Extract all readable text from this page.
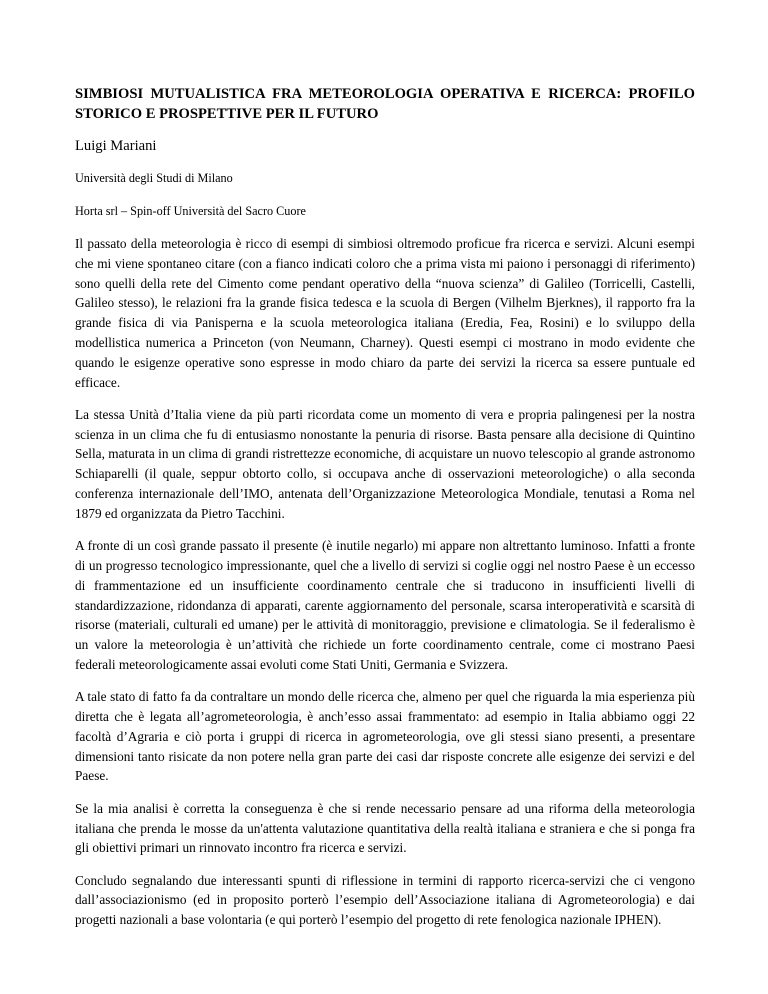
SIMBIOSI MUTUALISTICA FRA METEOROLOGIA OPERATIVA E RICERCA: PROFILO STORICO E PROSPETTIVE PER IL FUTURO

Luigi Mariani

Università degli Studi di Milano

Horta srl – Spin-off Università del Sacro Cuore

Il passato della meteorologia è ricco di esempi di simbiosi oltremodo proficue fra ricerca e servizi. Alcuni esempi che mi viene spontaneo citare (con a fianco indicati coloro che a prima vista mi paiono i personaggi di riferimento) sono quelli della rete del Cimento come pendant operativo della “nuova scienza” di Galileo (Torricelli, Castelli, Galileo stesso), le relazioni fra la grande fisica tedesca e la scuola di Bergen (Vilhelm Bjerknes), il rapporto fra la grande fisica di via Panisperna e la scuola meteorologica italiana (Eredia, Fea, Rosini) e lo sviluppo della modellistica numerica a Princeton (von Neumann, Charney). Questi esempi ci mostrano in modo evidente che quando le esigenze operative sono espresse in modo chiaro da parte dei servizi la ricerca sa essere puntuale ed efficace.

La stessa Unità d’Italia viene da più parti ricordata come un momento di vera e propria palingenesi per la nostra scienza in un clima che fu di entusiasmo nonostante la penuria di risorse. Basta pensare alla decisione di Quintino Sella, maturata in un clima di grandi ristrettezze economiche, di acquistare un nuovo telescopio al grande astronomo Schiaparelli (il quale, seppur obtorto collo, si occupava anche di osservazioni meteorologiche) o alla seconda conferenza internazionale dell’IMO, antenata dell’Organizzazione Meteorologica Mondiale, tenutasi a Roma nel 1879 ed organizzata da Pietro Tacchini.

A fronte di un così grande passato il presente (è inutile negarlo) mi appare non altrettanto luminoso. Infatti a fronte di un progresso tecnologico impressionante, quel che a livello di servizi si coglie oggi nel nostro Paese è un eccesso di frammentazione ed un insufficiente coordinamento centrale che si traducono in insufficienti livelli di standardizzazione, ridondanza di apparati, carente aggiornamento del personale, scarsa interoperatività e scarsità di risorse (materiali, culturali ed umane) per le attività di monitoraggio, previsione e climatologia. Se il federalismo è un valore la meteorologia è un’attività che richiede un forte coordinamento centrale, come ci mostrano Paesi federali meteorologicamente assai evoluti come Stati Uniti, Germania e Svizzera.

A tale stato di fatto fa da contraltare un mondo delle ricerca che, almeno per quel che riguarda la mia esperienza più diretta che è legata all’agrometeorologia, è anch’esso assai frammentato: ad esempio in Italia abbiamo oggi 22 facoltà d’Agraria e ciò porta i gruppi di ricerca in agrometeorologia, ove gli stessi siano presenti, a presentare dimensioni tanto risicate da non potere nella gran parte dei casi dar risposte concrete alle esigenze dei servizi e del Paese.

Se la mia analisi è corretta la conseguenza è che si rende necessario pensare ad una riforma della meteorologia italiana che prenda le mosse da un'attenta valutazione quantitativa della realtà italiana e straniera e che si ponga fra gli obiettivi primari un rinnovato incontro fra ricerca e servizi.

Concludo segnalando due interessanti spunti di riflessione in termini di rapporto ricerca-servizi che ci vengono dall’associazionismo (ed in proposito porterò l’esempio dell’Associazione italiana di Agrometeorologia) e dai progetti nazionali a base volontaria (e qui porterò l’esempio del progetto di rete fenologica nazionale IPHEN).
